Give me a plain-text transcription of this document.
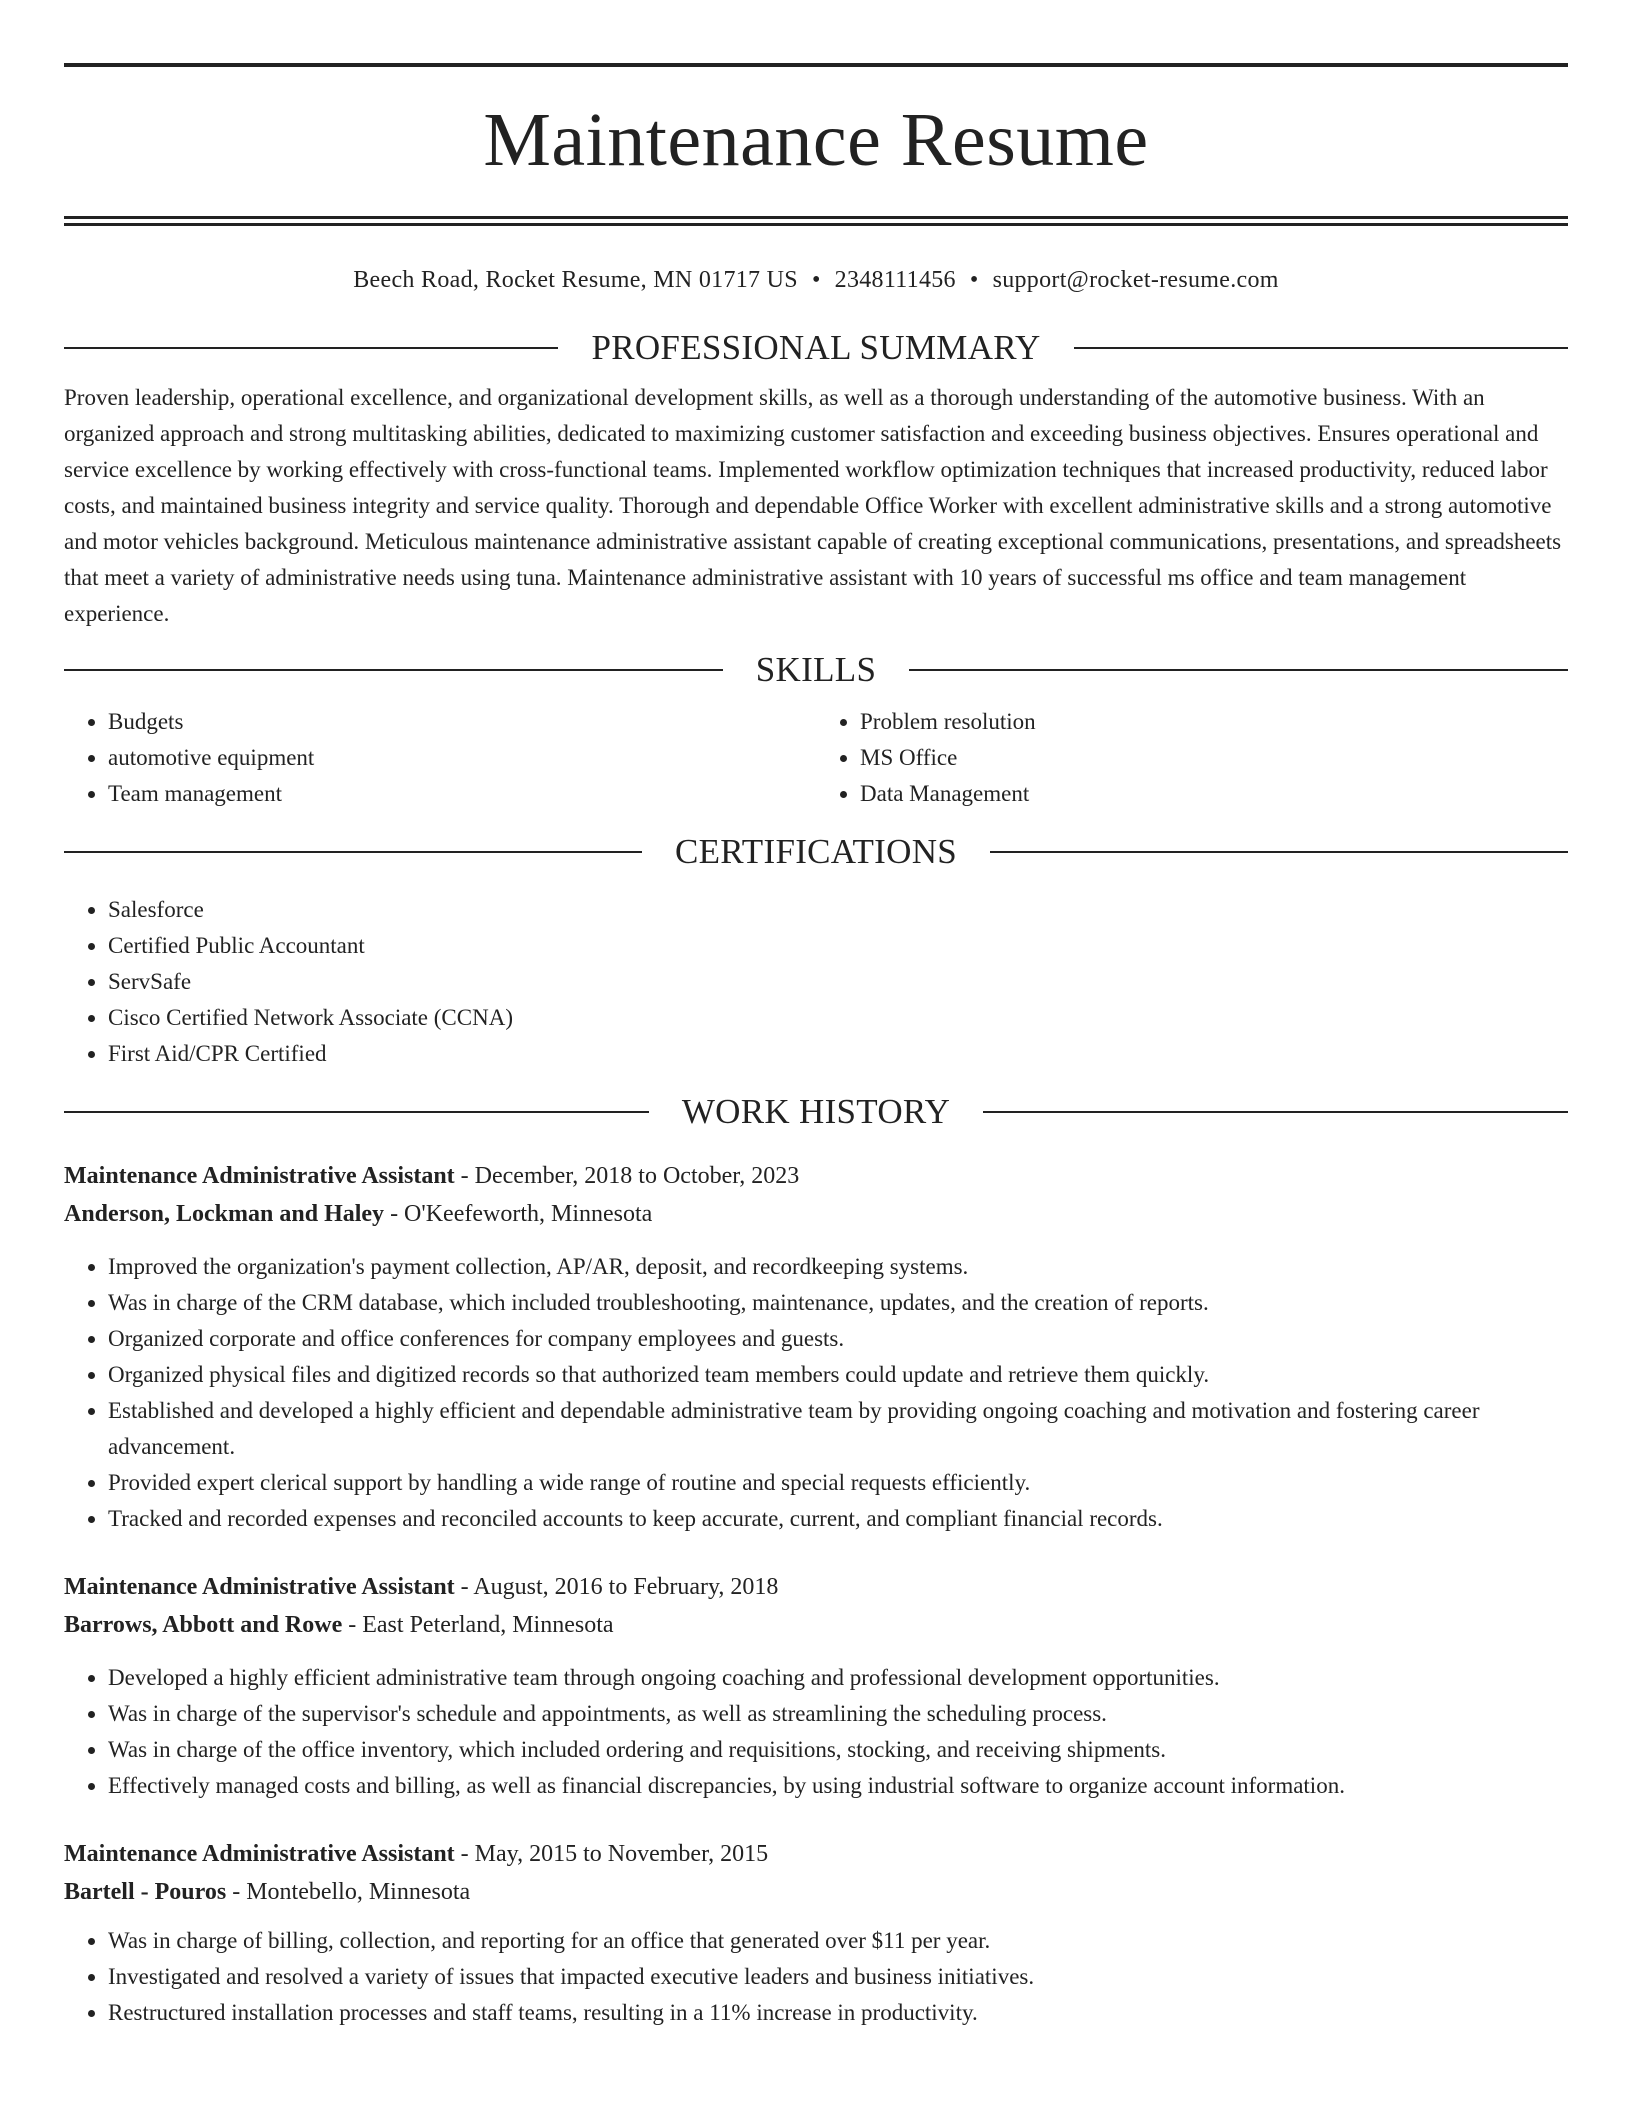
Maintenance Resume
Beech Road, Rocket Resume, MN 01717 US • 2348111456 • support@rocket-resume.com
PROFESSIONAL SUMMARY
Proven leadership, operational excellence, and organizational development skills, as well as a thorough understanding of the automotive business. With an organized approach and strong multitasking abilities, dedicated to maximizing customer satisfaction and exceeding business objectives. Ensures operational and service excellence by working effectively with cross-functional teams. Implemented workflow optimization techniques that increased productivity, reduced labor costs, and maintained business integrity and service quality. Thorough and dependable Office Worker with excellent administrative skills and a strong automotive and motor vehicles background. Meticulous maintenance administrative assistant capable of creating exceptional communications, presentations, and spreadsheets that meet a variety of administrative needs using tuna. Maintenance administrative assistant with 10 years of successful ms office and team management experience.
SKILLS
• Budgets
• automotive equipment
• Team management
• Problem resolution
• MS Office
• Data Management
CERTIFICATIONS
• Salesforce
• Certified Public Accountant
• ServSafe
• Cisco Certified Network Associate (CCNA)
• First Aid/CPR Certified
WORK HISTORY
Maintenance Administrative Assistant - December, 2018 to October, 2023
Anderson, Lockman and Haley - O'Keefeworth, Minnesota
• Improved the organization's payment collection, AP/AR, deposit, and recordkeeping systems.
• Was in charge of the CRM database, which included troubleshooting, maintenance, updates, and the creation of reports.
• Organized corporate and office conferences for company employees and guests.
• Organized physical files and digitized records so that authorized team members could update and retrieve them quickly.
• Established and developed a highly efficient and dependable administrative team by providing ongoing coaching and motivation and fostering career advancement.
• Provided expert clerical support by handling a wide range of routine and special requests efficiently.
• Tracked and recorded expenses and reconciled accounts to keep accurate, current, and compliant financial records.
Maintenance Administrative Assistant - August, 2016 to February, 2018
Barrows, Abbott and Rowe - East Peterland, Minnesota
• Developed a highly efficient administrative team through ongoing coaching and professional development opportunities.
• Was in charge of the supervisor's schedule and appointments, as well as streamlining the scheduling process.
• Was in charge of the office inventory, which included ordering and requisitions, stocking, and receiving shipments.
• Effectively managed costs and billing, as well as financial discrepancies, by using industrial software to organize account information.
Maintenance Administrative Assistant - May, 2015 to November, 2015
Bartell - Pouros - Montebello, Minnesota
• Was in charge of billing, collection, and reporting for an office that generated over $11 per year.
• Investigated and resolved a variety of issues that impacted executive leaders and business initiatives.
• Restructured installation processes and staff teams, resulting in a 11% increase in productivity.
